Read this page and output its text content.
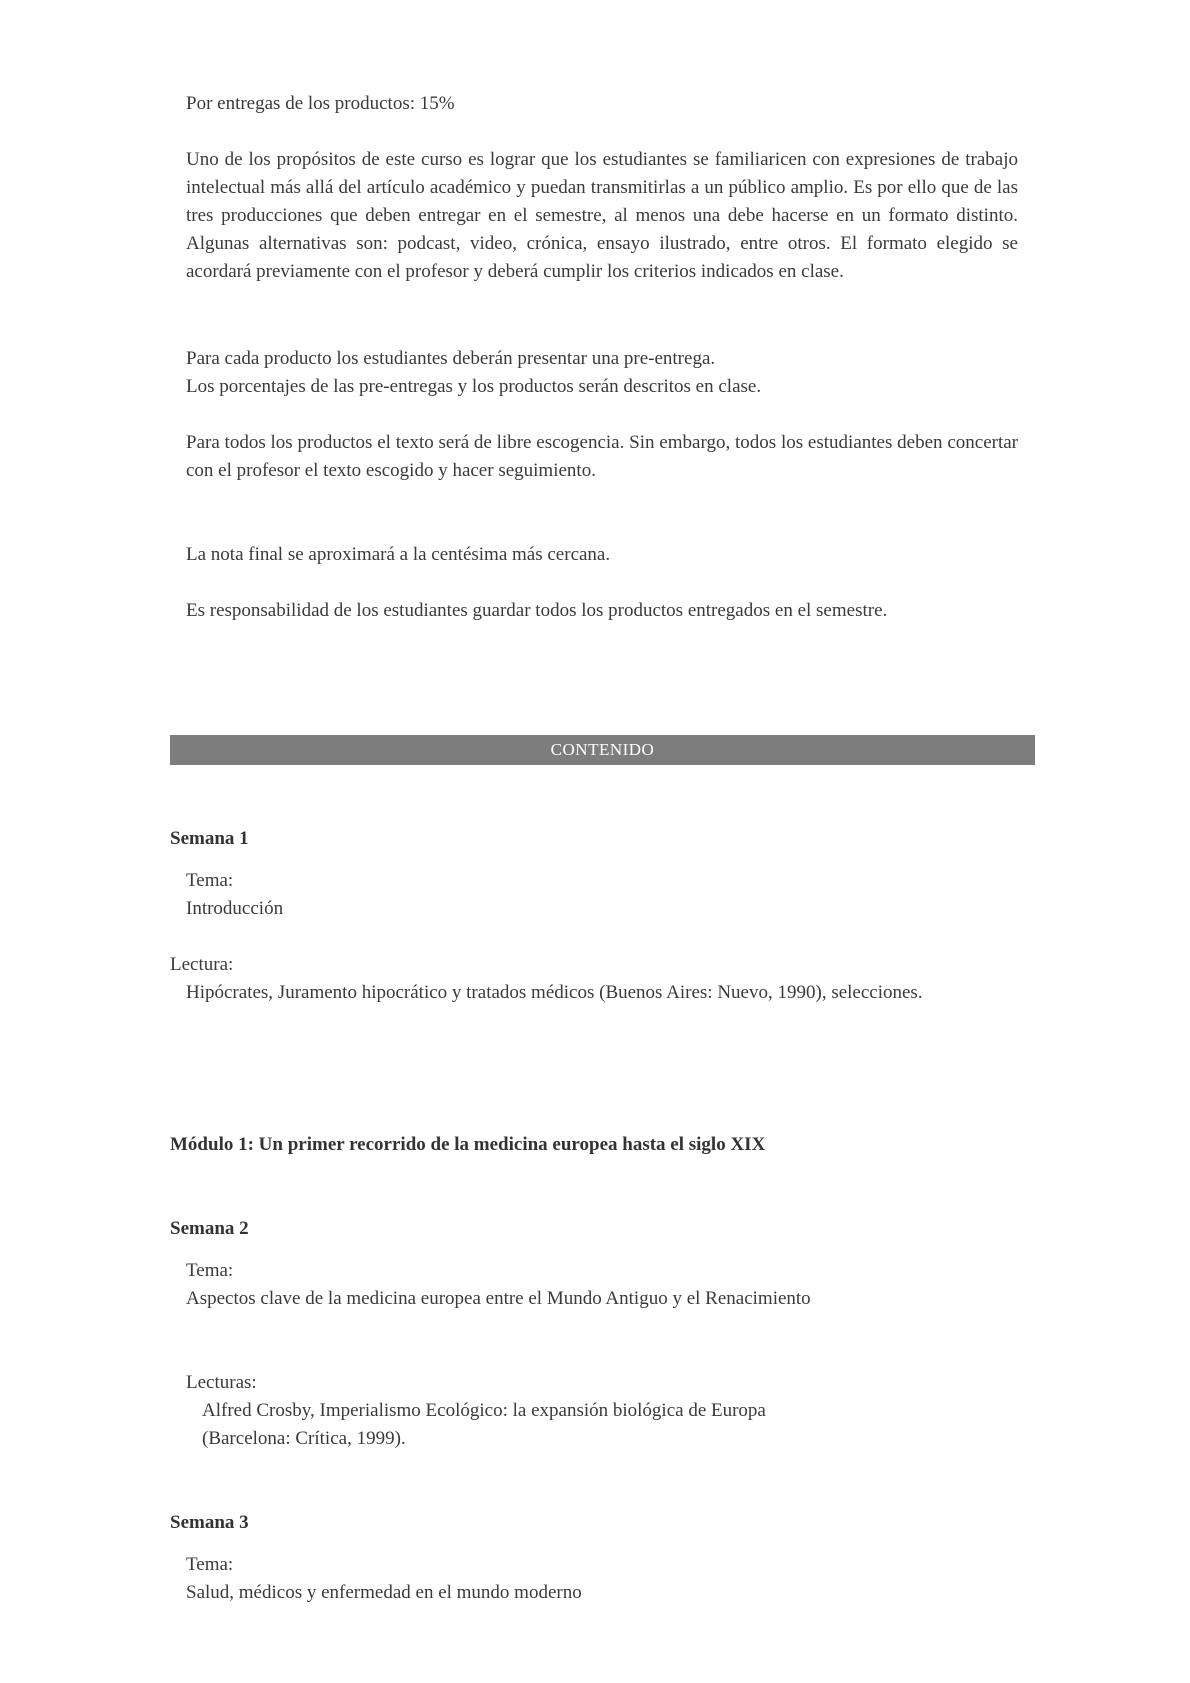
Por entregas de los productos: 15%

Uno de los propósitos de este curso es lograr que los estudiantes se familiaricen con expresiones de trabajo intelectual más allá del artículo académico y puedan transmitirlas a un público amplio. Es por ello que de las tres producciones que deben entregar en el semestre, al menos una debe hacerse en un formato distinto. Algunas alternativas son: podcast, video, crónica, ensayo ilustrado, entre otros. El formato elegido se acordará previamente con el profesor y deberá cumplir los criterios indicados en clase.

Para cada producto los estudiantes deberán presentar una pre-entrega.

Los porcentajes de las pre-entregas y los productos serán descritos en clase.

Para todos los productos el texto será de libre escogencia. Sin embargo, todos los estudiantes deben concertar con el profesor el texto escogido y hacer seguimiento.

La nota final se aproximará a la centésima más cercana.

Es responsabilidad de los estudiantes guardar todos los productos entregados en el semestre.

CONTENIDO
Semana 1
Tema:
Introducción
Lectura:
Hipócrates, Juramento hipocrático y tratados médicos (Buenos Aires: Nuevo, 1990), selecciones.
Módulo 1: Un primer recorrido de la medicina europea hasta el siglo XIX
Semana 2
Tema:
Aspectos clave de la medicina europea entre el Mundo Antiguo y el Renacimiento
Lecturas:
Alfred Crosby, Imperialismo Ecológico: la expansión biológica de Europa
(Barcelona: Crítica, 1999).
Semana 3
Tema:
Salud, médicos y enfermedad en el mundo moderno
